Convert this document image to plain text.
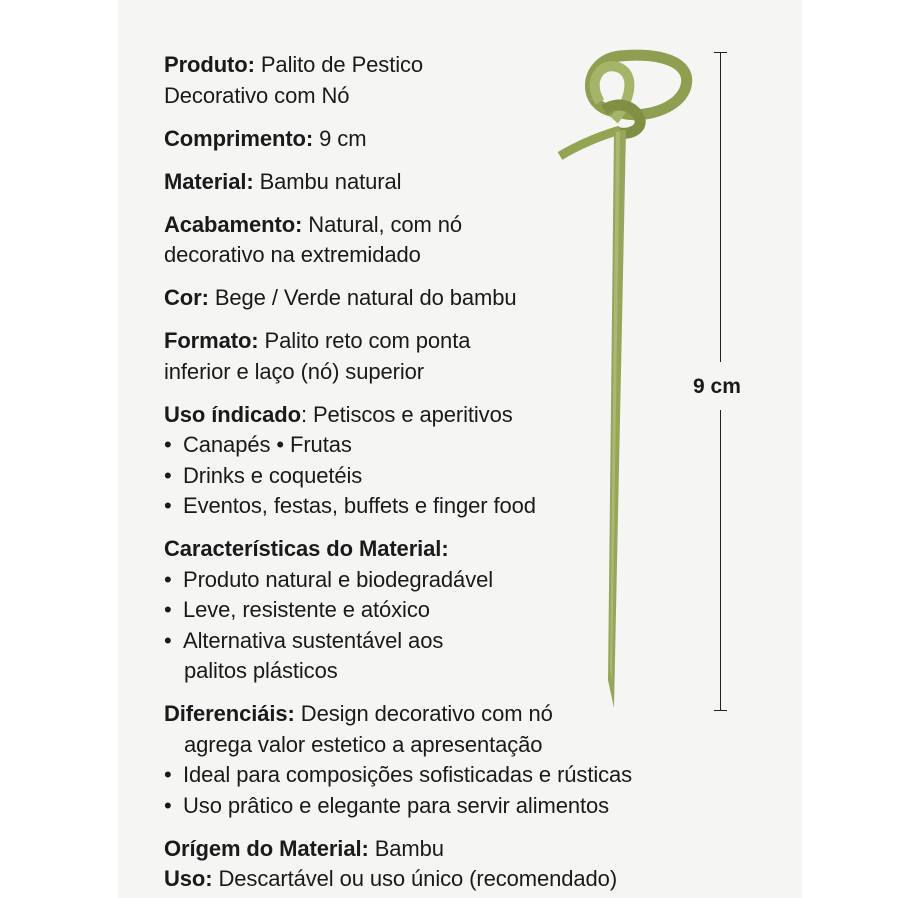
9 cm
Produto: Palito de Pestico
Decorativo com Nó
Comprimento: 9 cm
Material: Bambu natural
Acabamento: Natural, com nó
decorativo na extremidado
Cor: Bege / Verde natural do bambu
Formato: Palito reto com ponta
inferior e laço (nó) superior
Uso índicado: Petiscos e aperitivos
• Canapés • Frutas
• Drinks e coquetéis
• Eventos, festas, buffets e finger food
Características do Material:
• Produto natural e biodegradável
• Leve, resistente e atóxico
• Alternativa sustentável aos
palitos plásticos
Diferenciáis: Design decorativo com nó
agrega valor estetico a apresentação
• Ideal para composições sofisticadas e rústicas
• Uso prâtico e elegante para servir alimentos
Orígem do Material: Bambu
Uso: Descartável ou uso único (recomendado)
